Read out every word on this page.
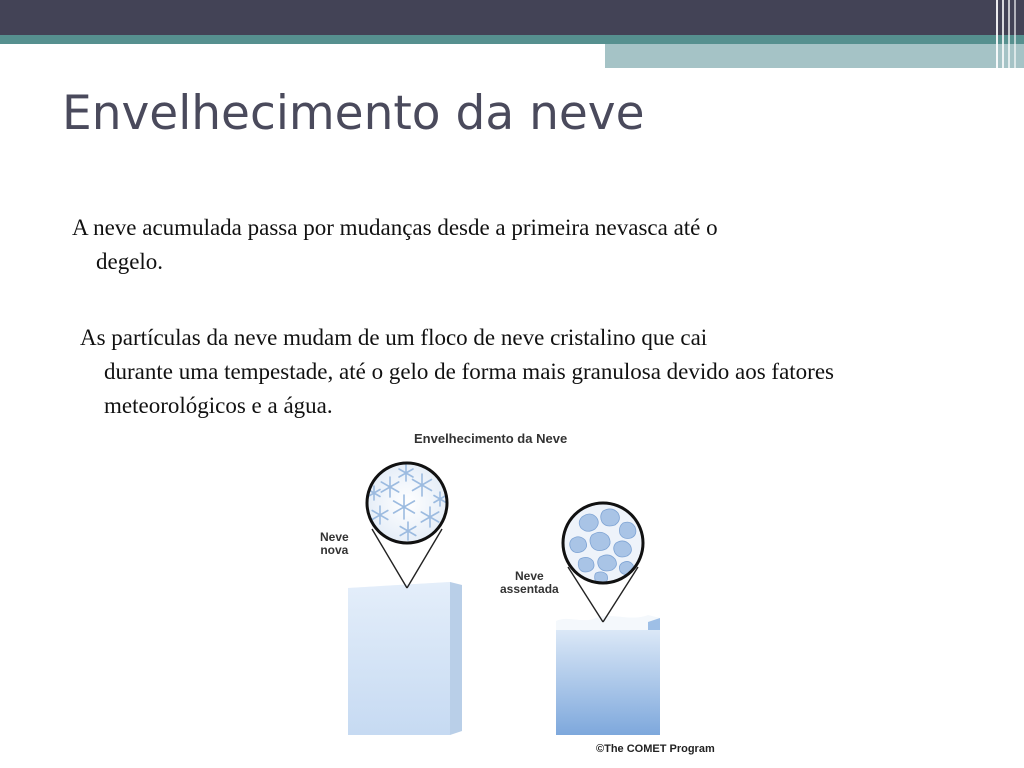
Envelhecimento da neve

A neve acumulada passa por mudanças desde a primeira nevasca até o
degelo.

As partículas da neve mudam de um floco de neve cristalino que cai
durante uma tempestade, até o gelo de forma mais granulosa devido aos fatores meteorológicos e a água.

Envelhecimento da Neve
Neve
nova
Neve
assentada
©The COMET Program
